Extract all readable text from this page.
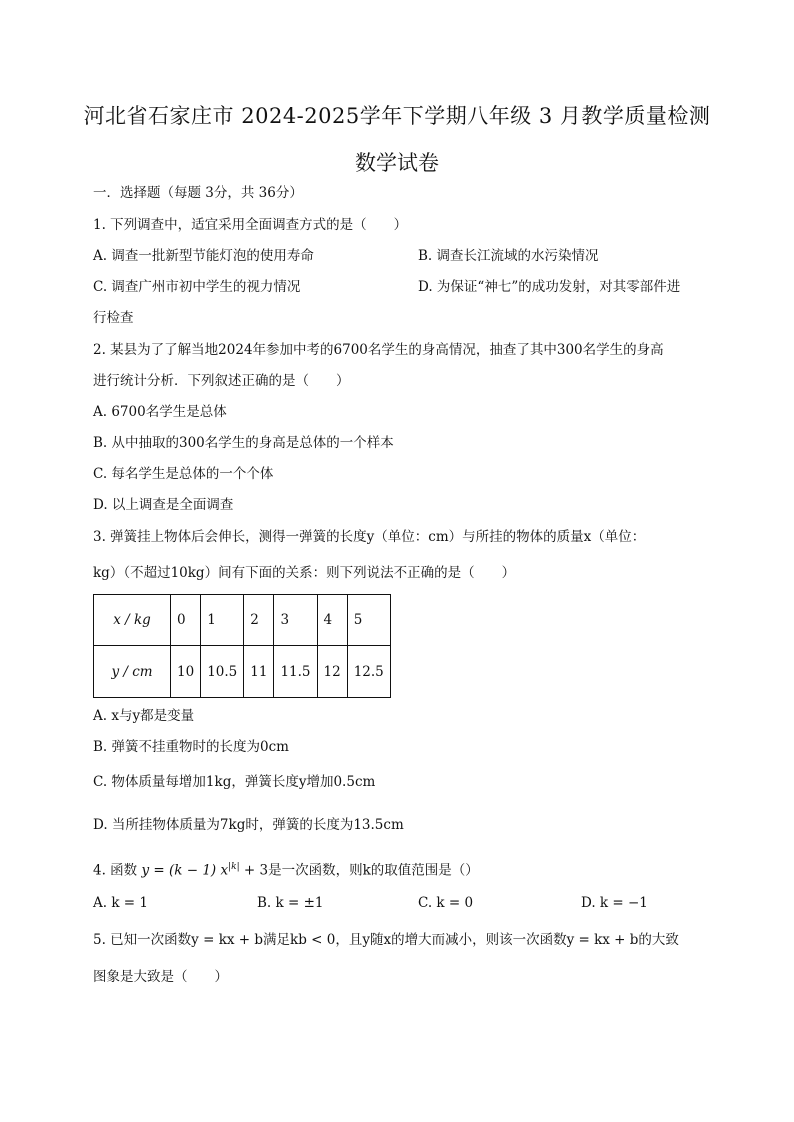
河北省石家庄市 2024-2025学年下学期八年级 3 月教学质量检测
数学试卷
一．选择题（每题 3分，共 36分）
1. 下列调查中，适宜采用全面调查方式的是（　　）
A. 调查一批新型节能灯泡的使用寿命	B. 调查长江流域的水污染情况
C. 调查广州市初中学生的视力情况	D. 为保证“神七”的成功发射，对其零部件进
行检查
2. 某县为了了解当地2024年参加中考的6700名学生的身高情况，抽查了其中300名学生的身高
进行统计分析．下列叙述正确的是（　　）
A. 6700名学生是总体
B. 从中抽取的300名学生的身高是总体的一个样本
C. 每名学生是总体的一个个体
D. 以上调查是全面调查
3. 弹簧挂上物体后会伸长，测得一弹簧的长度y（单位：cm）与所挂的物体的质量x（单位：
kg）（不超过10kg）间有下面的关系：则下列说法不正确的是（　　）
x / kg	0	1	2	3	4	5
y / cm	10	10.5	11	11.5	12	12.5
A. x与y都是变量
B. 弹簧不挂重物时的长度为0cm
C. 物体质量每增加1kg，弹簧长度y增加0.5cm
D. 当所挂物体质量为7kg时，弹簧的长度为13.5cm
4. 函数 y = (k − 1) $x^{|k|} + 3$是一次函数，则k的取值范围是（）
A. k = 1	B. k = ±1	C. k = 0	D. k = −1
5. 已知一次函数y = kx + b满足kb < 0，且y随x的增大而减小，则该一次函数y = kx + b的大致
图象是大致是（　　）
